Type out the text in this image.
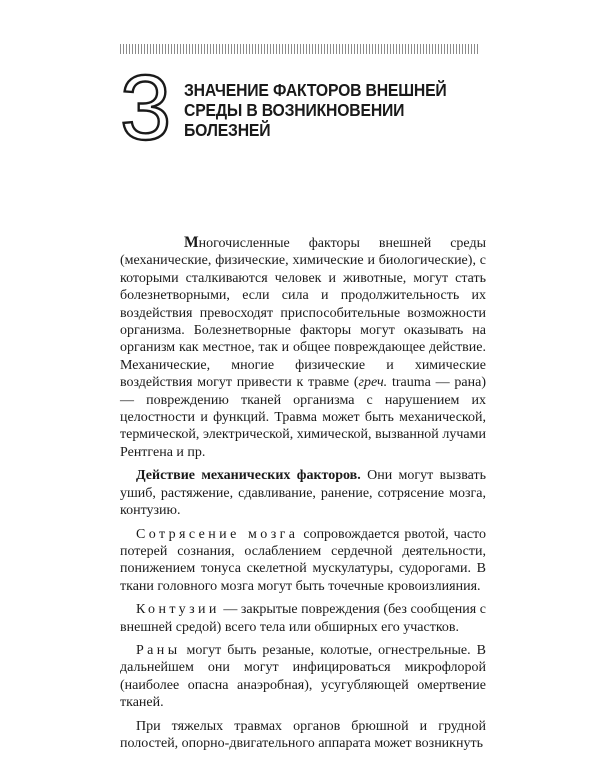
3 ЗНАЧЕНИЕ ФАКТОРОВ ВНЕШНЕЙ СРЕДЫ В ВОЗНИКНОВЕНИИ БОЛЕЗНЕЙ

Многочисленные факторы внешней среды (механические, физические, химические и биологические), с которыми сталкиваются человек и животные, могут стать болезнетворными, если сила и продолжительность их воздействия превосходят приспособительные возможности организма. Болезнетворные факторы могут оказывать на организм как местное, так и общее повреждающее действие. Механические, многие физические и химические воздействия могут привести к травме (греч. trauma — рана) — повреждению тканей организма с нарушением их целостности и функций. Травма может быть механической, термической, электрической, химической, вызванной лучами Рентгена и пр.

Действие механических факторов. Они могут вызвать ушиб, растяжение, сдавливание, ранение, сотрясение мозга, контузию.

Сотрясение мозга сопровождается рвотой, часто потерей сознания, ослаблением сердечной деятельности, понижением тонуса скелетной мускулатуры, судорогами. В ткани головного мозга могут быть точечные кровоизлияния.

Контузии — закрытые повреждения (без сообщения с внешней средой) всего тела или обширных его участков.

Раны могут быть резаные, колотые, огнестрельные. В дальнейшем они могут инфицироваться микрофлорой (наиболее опасна анаэробная), усугубляющей омертвение тканей.

При тяжелых травмах органов брюшной и грудной полостей, опорно-двигательного аппарата может возникнуть
